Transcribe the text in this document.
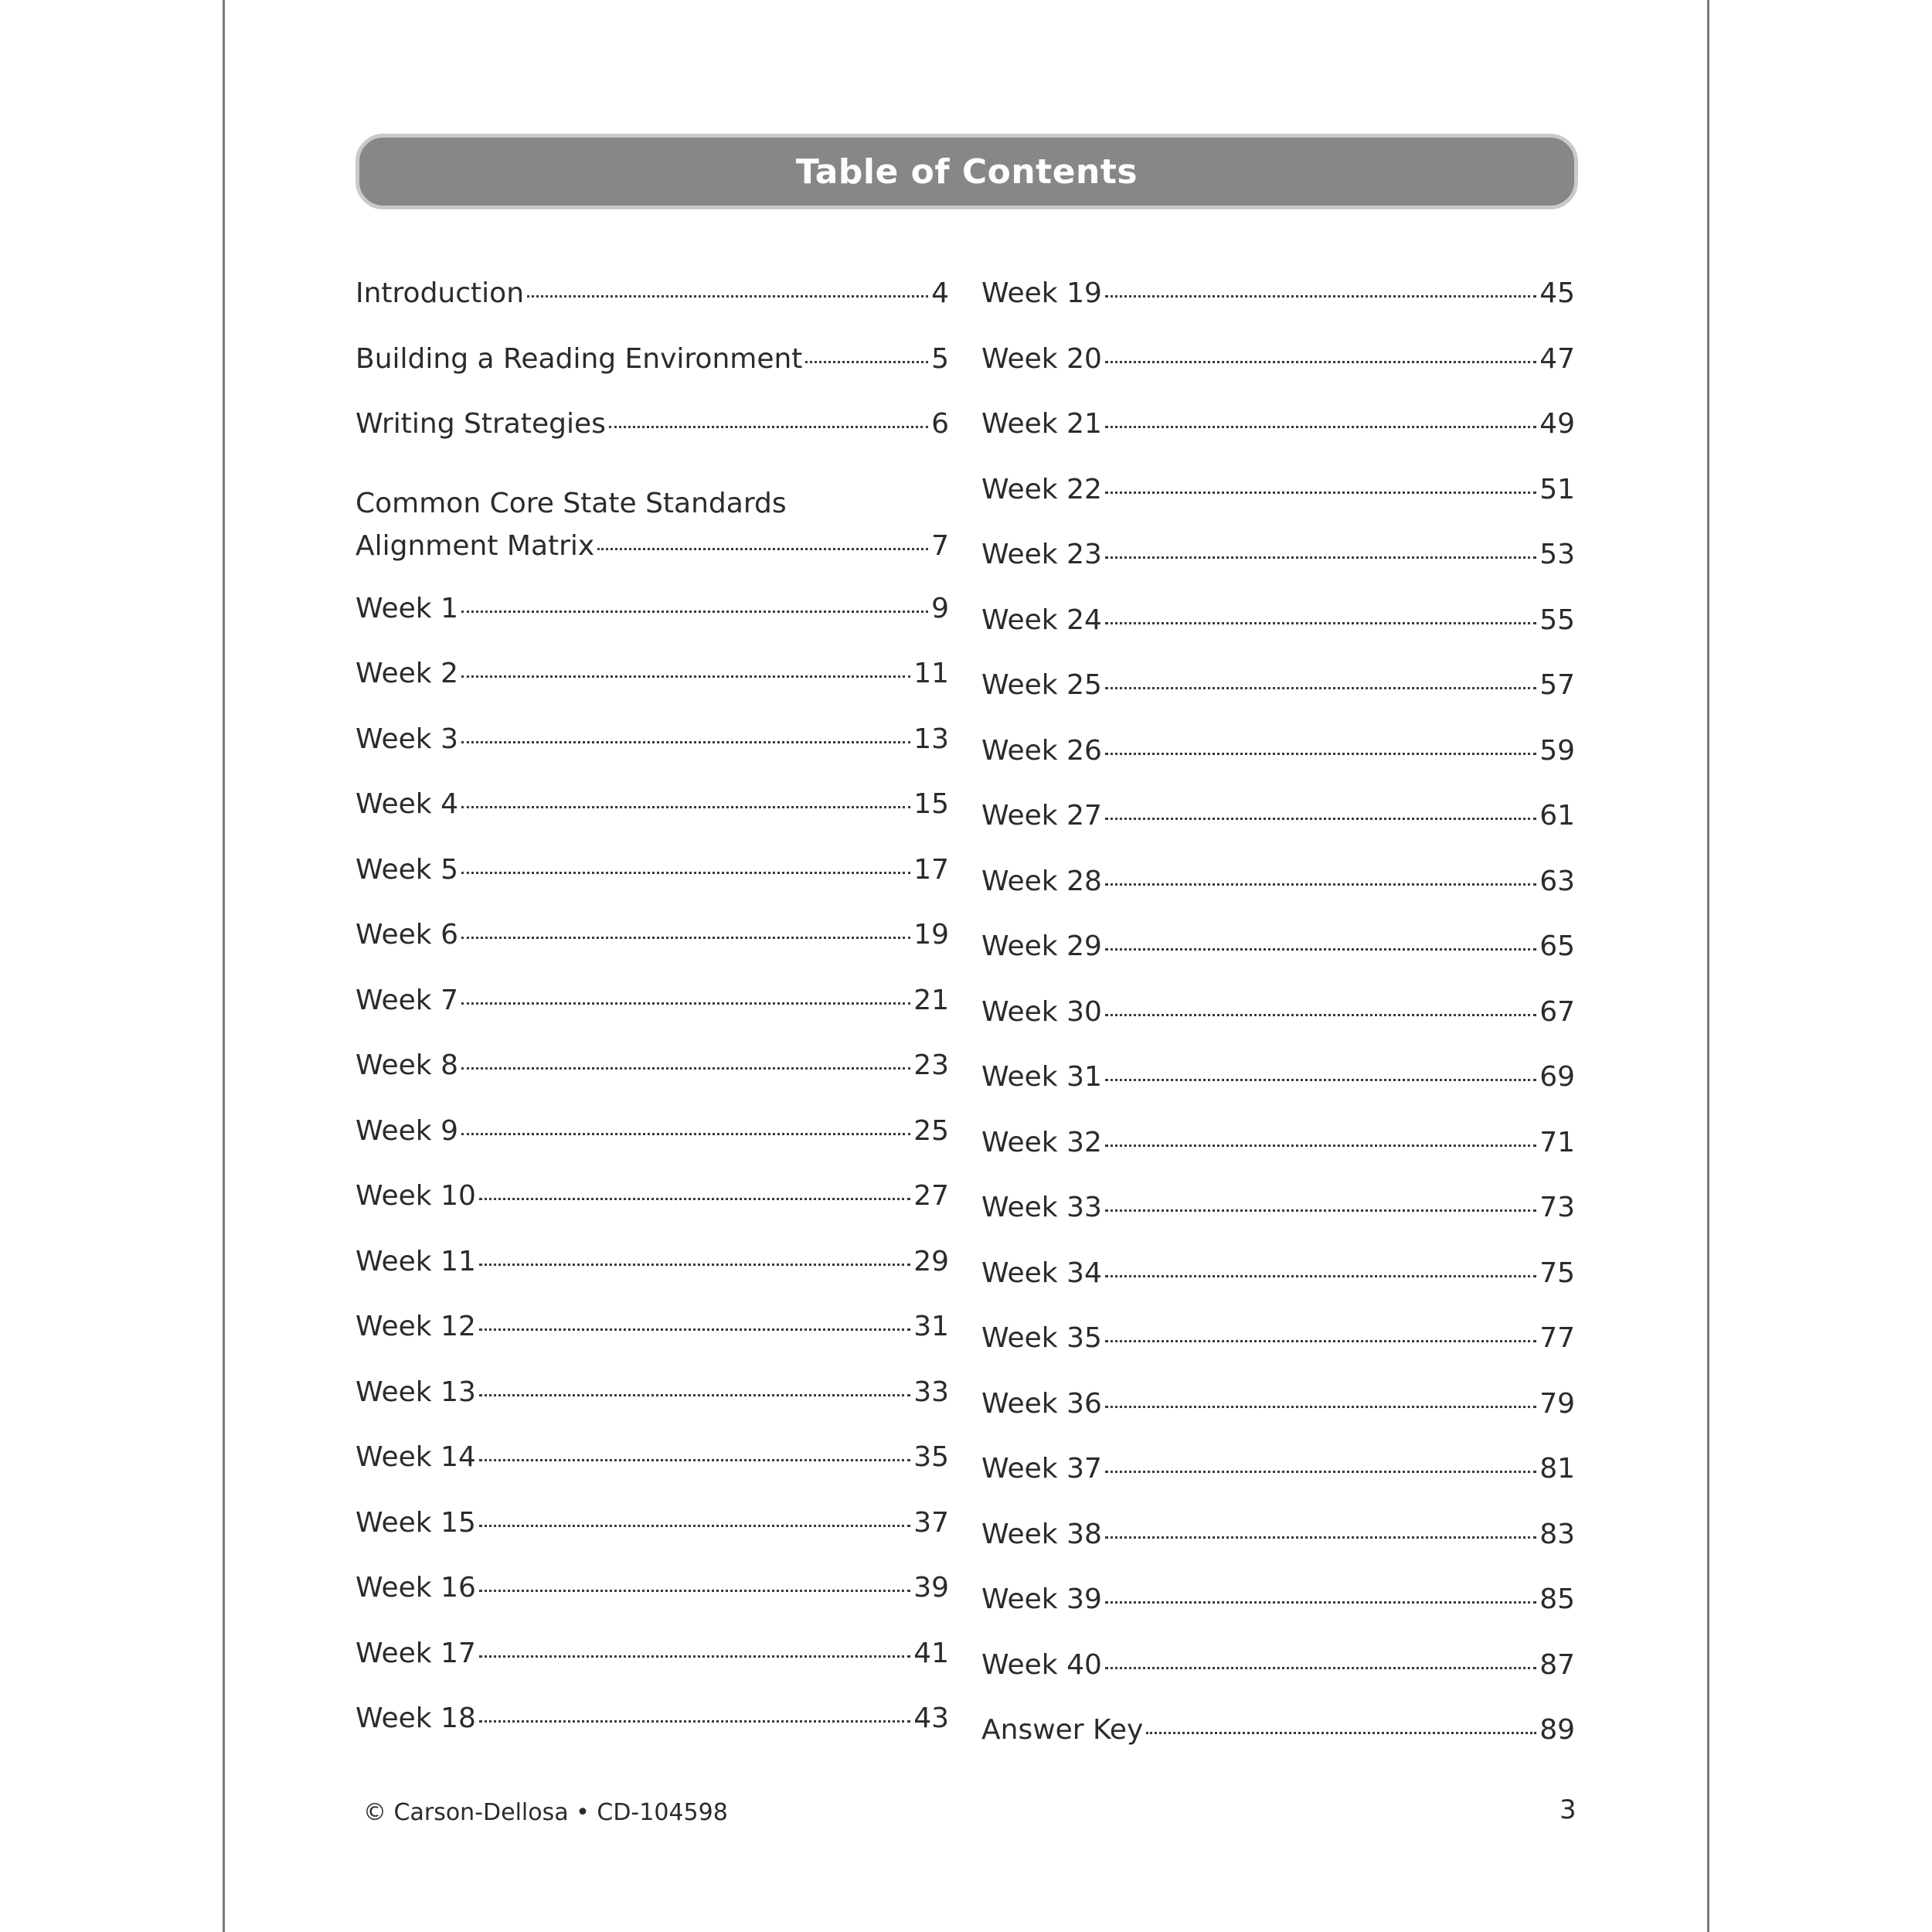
Table of Contents
Introduction	4
Building a Reading Environment	5
Writing Strategies	6
Common Core State Standards
Alignment Matrix	7
Week 1	9
Week 2	11
Week 3	13
Week 4	15
Week 5	17
Week 6	19
Week 7	21
Week 8	23
Week 9	25
Week 10	27
Week 11	29
Week 12	31
Week 13	33
Week 14	35
Week 15	37
Week 16	39
Week 17	41
Week 18	43
Week 19	45
Week 20	47
Week 21	49
Week 22	51
Week 23	53
Week 24	55
Week 25	57
Week 26	59
Week 27	61
Week 28	63
Week 29	65
Week 30	67
Week 31	69
Week 32	71
Week 33	73
Week 34	75
Week 35	77
Week 36	79
Week 37	81
Week 38	83
Week 39	85
Week 40	87
Answer Key	89
© Carson-Dellosa • CD-104598	3
